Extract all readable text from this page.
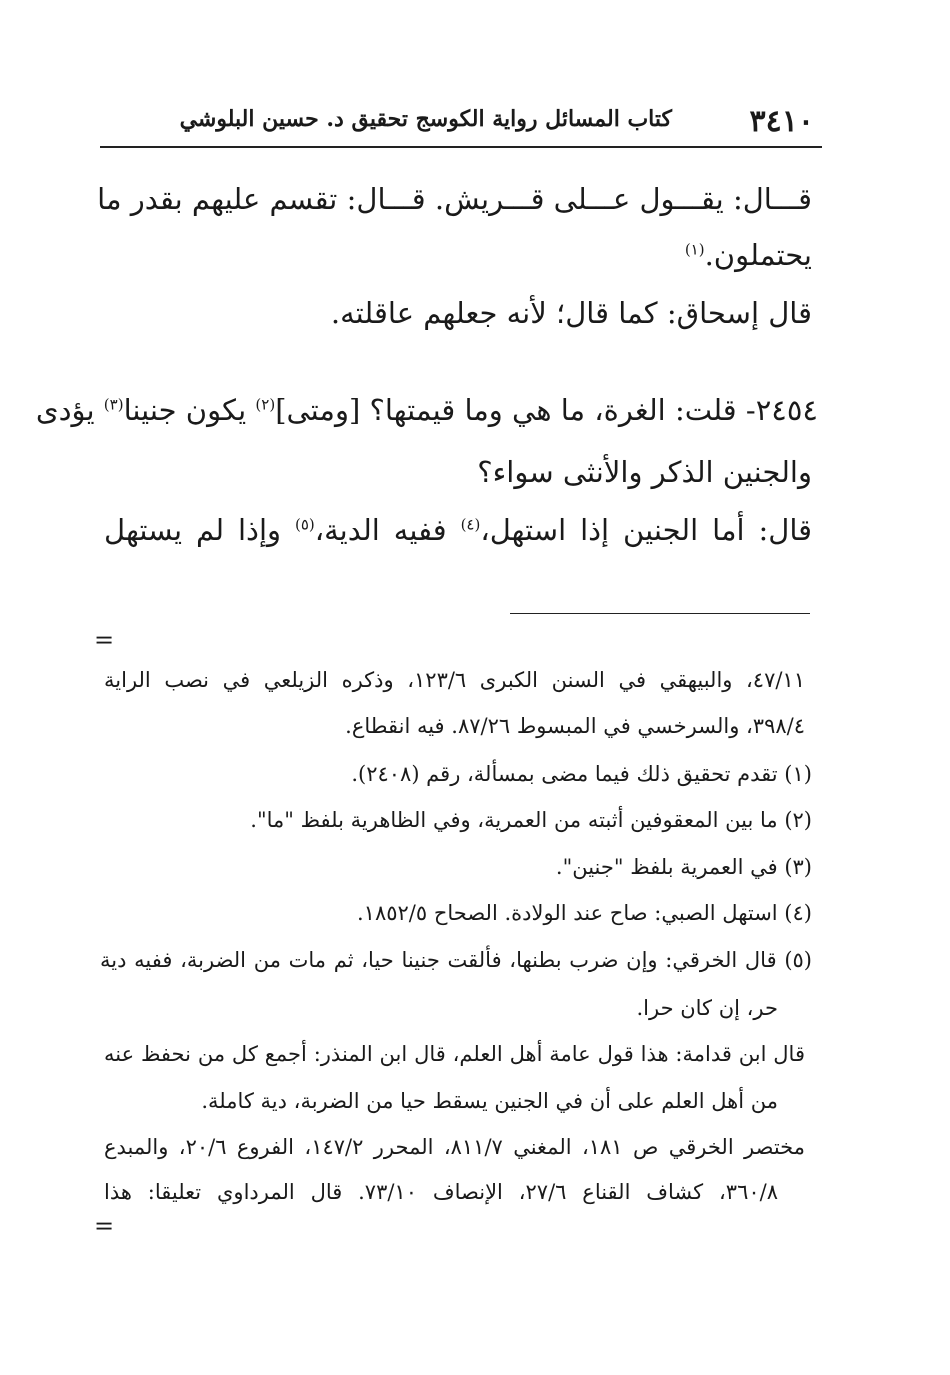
٣٤١٠
كتاب المسائل رواية الكوسج تحقيق د. حسين البلوشي

قـــال: يقـــول عـــلى قـــريش. قـــال: تقسم عليهم بقدر ما

يحتملون.$^{(١)}$

قال إسحاق: كما قال؛ لأنه جعلهم عاقلته.

٢٤٥٤- قلت: الغرة، ما هي وما قيمتها؟ [ومتى]$^{(٢)}$ يكون جنينا$^{(٣)}$ يؤدى

والجنين الذكر والأنثى سواء؟

قال: أما الجنين إذا استهل،$^{(٤)}$ ففيه الدية،$^{(٥)}$ وإذا لم يستهل

=

٤٧/١١، والبيهقي في السنن الكبرى ١٢٣/٦، وذكره الزيلعي في نصب الراية

٣٩٨/٤، والسرخسي في المبسوط ٨٧/٢٦. فيه انقطاع.

(١) تقدم تحقيق ذلك فيما مضى بمسألة، رقم (٢٤٠٨).

(٢) ما بين المعقوفين أثبته من العمرية، وفي الظاهرية بلفظ "ما".

(٣) في العمرية بلفظ "جنين".

(٤) استهل الصبي: صاح عند الولادة. الصحاح ١٨٥٢/٥.

(٥) قال الخرقي: وإن ضرب بطنها، فألقت جنينا حيا، ثم مات من الضربة، ففيه دية

حر، إن كان حرا.

قال ابن قدامة: هذا قول عامة أهل العلم، قال ابن المنذر: أجمع كل من نحفظ عنه

من أهل العلم على أن في الجنين يسقط حيا من الضربة، دية كاملة.

مختصر الخرقي ص ١٨١، المغني ٨١١/٧، المحرر ١٤٧/٢، الفروع ٢٠/٦، والمبدع

٣٦٠/٨، كشاف القناع ٢٧/٦، الإنصاف ٧٣/١٠. قال المرداوي تعليقا: هذا

=
